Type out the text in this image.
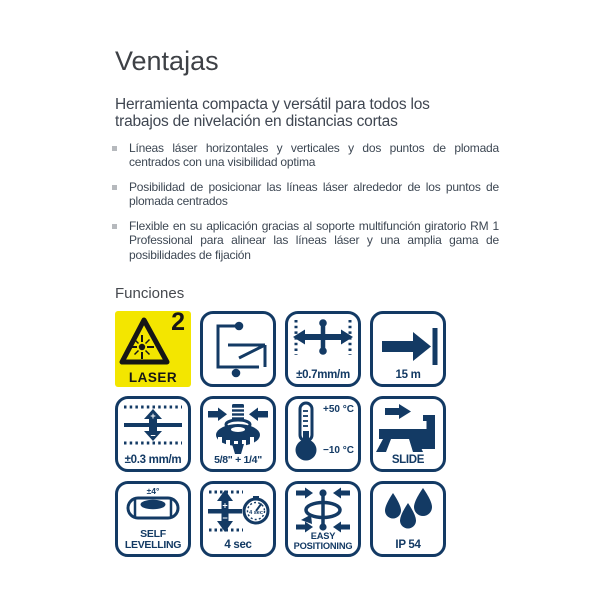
Ventajas

Herramienta compacta y versátil para todos los trabajos de nivelación en distancias cortas

Líneas láser horizontales y verticales y dos puntos de plomada centrados con una visibilidad optima
Posibilidad de posicionar las líneas láser alrededor de los puntos de plomada centrados
Flexible en su aplicación gracias al soporte multifunción giratorio RM 1 Professional para alinear las líneas láser y una amplia gama de posibilidades de fijación
Funciones
2
LASER	±0.7mm/m	15 m
+
−
±0.3 mm/m	5/8" + 1/4"
+50 °C
−10 °C
SLIDE
±4°
SELF LEVELLING
+
−	4 sec
4 sec
EASY POSITIONING	IP 54
